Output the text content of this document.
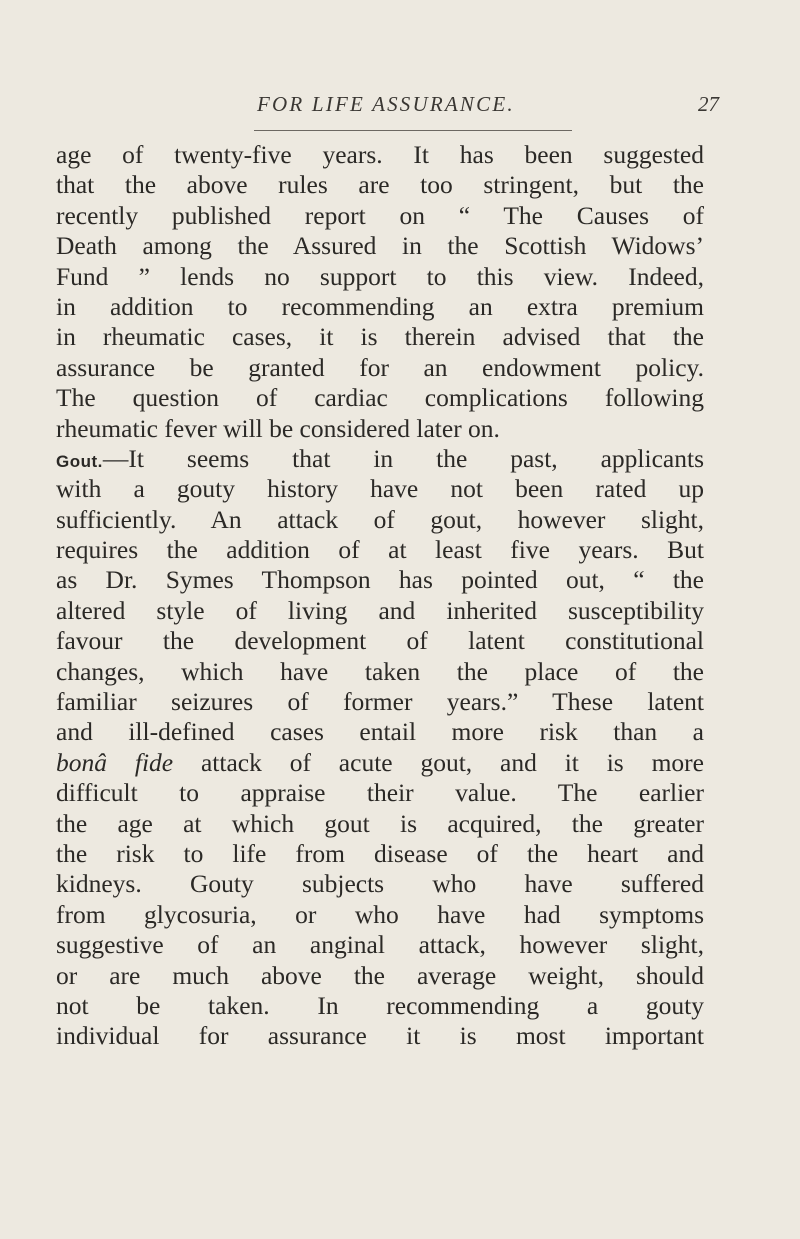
FOR LIFE ASSURANCE.	27
age of twenty-five years. It has been suggested
that the above rules are too stringent, but the
recently published report on “ The Causes of
Death among the Assured in the Scottish Widows’
Fund ” lends no support to this view. Indeed,
in addition to recommending an extra premium
in rheumatic cases, it is therein advised that the
assurance be granted for an endowment policy.
The question of cardiac complications following
rheumatic fever will be considered later on.
Gout.—It seems that in the past, applicants
with a gouty history have not been rated up
sufficiently. An attack of gout, however slight,
requires the addition of at least five years. But
as Dr. Symes Thompson has pointed out, “ the
altered style of living and inherited susceptibility
favour the development of latent constitutional
changes, which have taken the place of the
familiar seizures of former years.” These latent
and ill-defined cases entail more risk than a
bonâ fide attack of acute gout, and it is more
difficult to appraise their value. The earlier
the age at which gout is acquired, the greater
the risk to life from disease of the heart and
kidneys. Gouty subjects who have suffered
from glycosuria, or who have had symptoms
suggestive of an anginal attack, however slight,
or are much above the average weight, should
not be taken. In recommending a gouty
individual for assurance it is most important
